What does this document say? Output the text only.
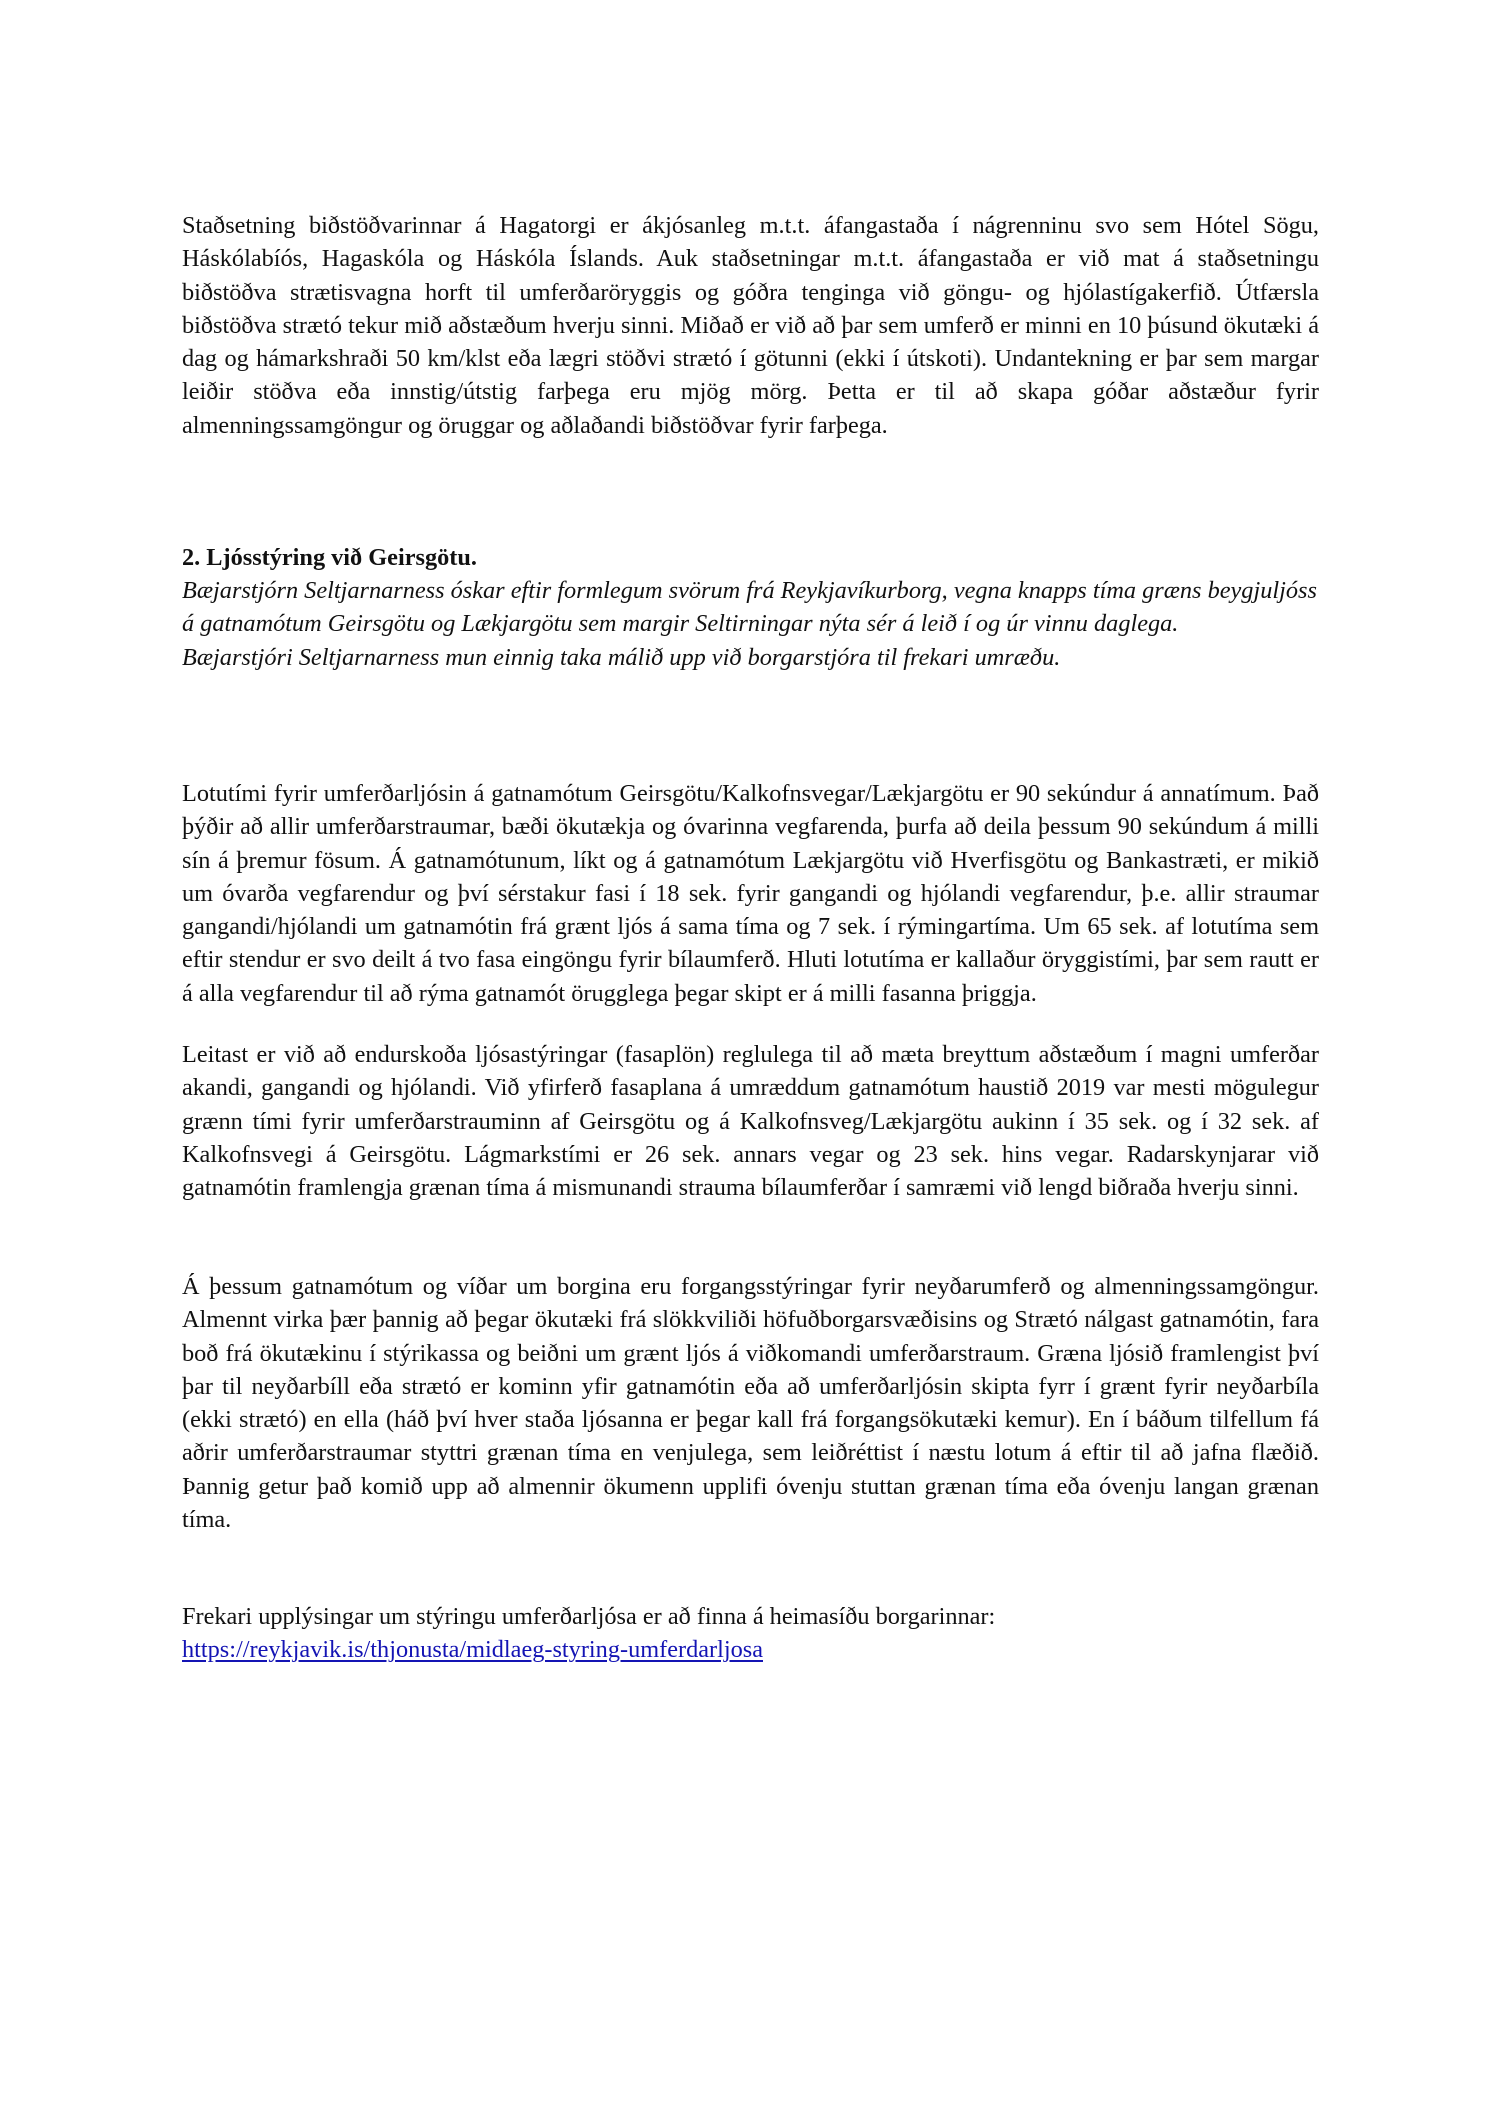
Staðsetning biðstöðvarinnar á Hagatorgi er ákjósanleg m.t.t. áfangastaða í nágrenninu svo sem Hótel Sögu, Háskólabíós, Hagaskóla og Háskóla Íslands. Auk staðsetningar m.t.t. áfangastaða er við mat á staðsetningu biðstöðva strætisvagna horft til umferðaröryggis og góðra tenginga við göngu- og hjólastígakerfið. Útfærsla biðstöðva strætó tekur mið aðstæðum hverju sinni. Miðað er við að þar sem umferð er minni en 10 þúsund ökutæki á dag og hámarkshraði 50 km/klst eða lægri stöðvi strætó í götunni (ekki í útskoti). Undantekning er þar sem margar leiðir stöðva eða innstig/útstig farþega eru mjög mörg. Þetta er til að skapa góðar aðstæður fyrir almenningssamgöngur og öruggar og aðlaðandi biðstöðvar fyrir farþega.

2. Ljósstýring við Geirsgötu.

Bæjarstjórn Seltjarnarness óskar eftir formlegum svörum frá Reykjavíkurborg, vegna knapps tíma græns beygjuljóss á gatnamótum Geirsgötu og Lækjargötu sem margir Seltirningar nýta sér á leið í og úr vinnu daglega.

Bæjarstjóri Seltjarnarness mun einnig taka málið upp við borgarstjóra til frekari umræðu.

Lotutími fyrir umferðarljósin á gatnamótum Geirsgötu/Kalkofnsvegar/Lækjargötu er 90 sekúndur á annatímum. Það þýðir að allir umferðarstraumar, bæði ökutækja og óvarinna vegfarenda, þurfa að deila þessum 90 sekúndum á milli sín á þremur fösum. Á gatnamótunum, líkt og á gatnamótum Lækjargötu við Hverfisgötu og Bankastræti, er mikið um óvarða vegfarendur og því sérstakur fasi í 18 sek. fyrir gangandi og hjólandi vegfarendur, þ.e. allir straumar gangandi/hjólandi um gatnamótin frá grænt ljós á sama tíma og 7 sek. í rýmingartíma. Um 65 sek. af lotutíma sem eftir stendur er svo deilt á tvo fasa eingöngu fyrir bílaumferð. Hluti lotutíma er kallaður öryggistími, þar sem rautt er á alla vegfarendur til að rýma gatnamót örugglega þegar skipt er á milli fasanna þriggja.

Leitast er við að endurskoða ljósastýringar (fasaplön) reglulega til að mæta breyttum aðstæðum í magni umferðar akandi, gangandi og hjólandi. Við yfirferð fasaplana á umræddum gatnamótum haustið 2019 var mesti mögulegur grænn tími fyrir umferðarstrauminn af Geirsgötu og á Kalkofnsveg/Lækjargötu aukinn í 35 sek. og í 32 sek. af Kalkofnsvegi á Geirsgötu. Lágmarkstími er 26 sek. annars vegar og 23 sek. hins vegar. Radarskynjarar við gatnamótin framlengja grænan tíma á mismunandi strauma bílaumferðar í samræmi við lengd biðraða hverju sinni.

Á þessum gatnamótum og víðar um borgina eru forgangsstýringar fyrir neyðarumferð og almenningssamgöngur. Almennt virka þær þannig að þegar ökutæki frá slökkviliði höfuðborgarsvæðisins og Strætó nálgast gatnamótin, fara boð frá ökutækinu í stýrikassa og beiðni um grænt ljós á viðkomandi umferðarstraum. Græna ljósið framlengist því þar til neyðarbíll eða strætó er kominn yfir gatnamótin eða að umferðarljósin skipta fyrr í grænt fyrir neyðarbíla (ekki strætó) en ella (háð því hver staða ljósanna er þegar kall frá forgangsökutæki kemur). En í báðum tilfellum fá aðrir umferðarstraumar styttri grænan tíma en venjulega, sem leiðréttist í næstu lotum á eftir til að jafna flæðið. Þannig getur það komið upp að almennir ökumenn upplifi óvenju stuttan grænan tíma eða óvenju langan grænan tíma.

Frekari upplýsingar um stýringu umferðarljósa er að finna á heimasíðu borgarinnar:
https://reykjavik.is/thjonusta/midlaeg-styring-umferdarljosa
